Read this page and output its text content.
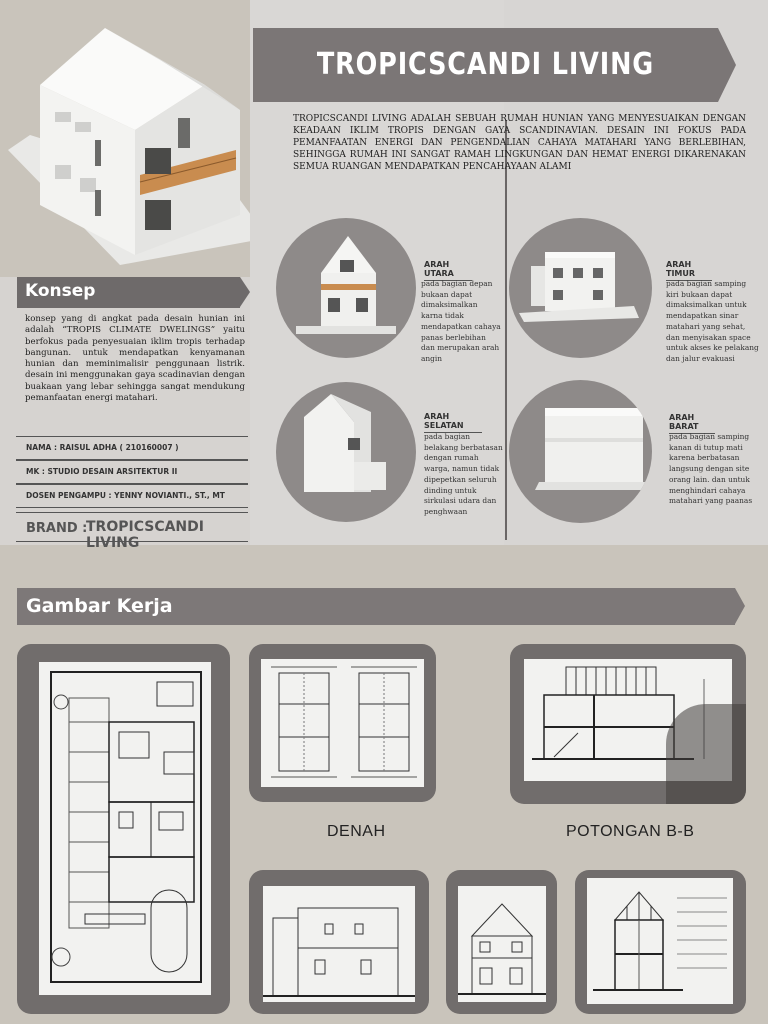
TROPICSCANDI LIVING
TROPICSCANDI LIVING ADALAH SEBUAH RUMAH HUNIAN YANG MENYESUAIKAN DENGAN KEADAAN IKLIM TROPIS DENGAN GAYA SCANDINAVIAN. DESAIN INI FOKUS PADA PEMANFAATAN ENERGI DAN PENGENDALIAN CAHAYA MATAHARI YANG BERLEBIHAN, SEHINGGA RUMAH INI SANGAT RAMAH LINGKUNGAN DAN HEMAT ENERGI DIKARENAKAN SEMUA RUANGAN MENDAPATKAN PENCAHAYAAN ALAMI
Konsep
konsep yang di angkat pada desain hunian ini adalah “TROPIS CLIMATE DWELINGS” yaitu berfokus pada penyesuaian iklim tropis terhadap bangunan. untuk mendapatkan kenyamanan hunian dan meminimalisir penggunaan listrik. desain ini menggunakan gaya scadinavian dengan buakaan yang lebar sehingga sangat mendukung pemanfaatan energi matahari.
NAMA : RAISUL ADHA ( 210160007 )
MK : STUDIO DESAIN ARSITEKTUR II
DOSEN PENGAMPU : YENNY NOVIANTI., ST., MT
BRAND :
TROPICSCANDI LIVING
ARAH UTARA
pada bagian depan bukaan dapat dimaksimalkan karna tidak mendapatkan cahaya panas berlebihan dan merupakan arah angin
ARAH TIMUR
pada bagian samping kiri bukaan dapat dimaksimalkan untuk mendapatkan sinar matahari yang sehat, dan menyisakan space untuk akses ke pelakang dan jalur evakuasi
ARAH SELATAN
pada bagian belakang berbatasan dengan rumah warga, namun tidak dipepetkan seluruh dinding untuk sirkulasi udara dan penghwaan
ARAH BARAT
pada bagian samping kanan di tutup mati karena berbatasan langsung dengan site orang lain. dan untuk menghindari cahaya matahari yang paanas
Gambar Kerja
DENAH	POTONGAN B-B
